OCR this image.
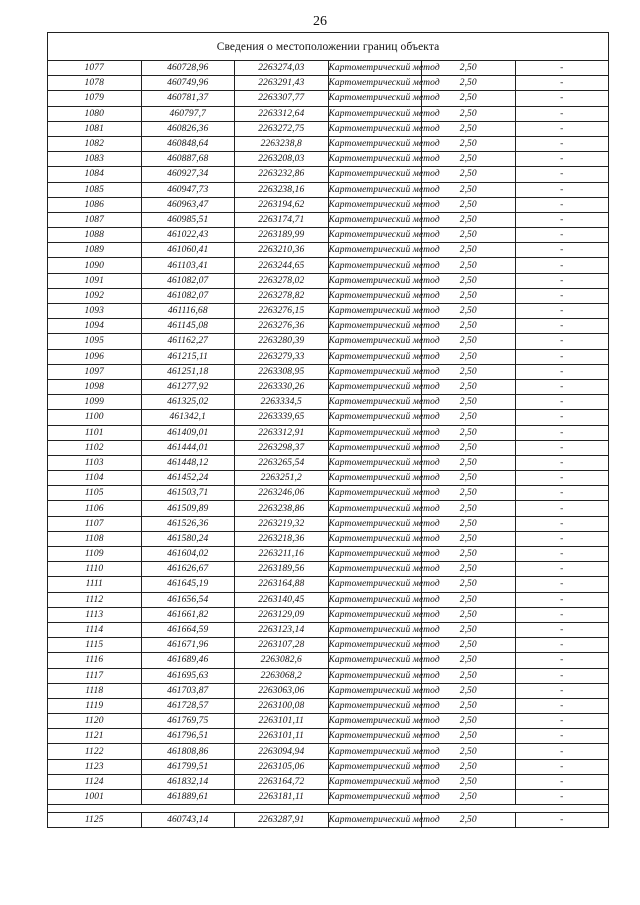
26
Сведения о местоположении границ объекта					
1077	460728,96	2263274,03	Картометрический метод	2,50	-
1078	460749,96	2263291,43	Картометрический метод	2,50	-
1079	460781,37	2263307,77	Картометрический метод	2,50	-
1080	460797,7	2263312,64	Картометрический метод	2,50	-
1081	460826,36	2263272,75	Картометрический метод	2,50	-
1082	460848,64	2263238,8	Картометрический метод	2,50	-
1083	460887,68	2263208,03	Картометрический метод	2,50	-
1084	460927,34	2263232,86	Картометрический метод	2,50	-
1085	460947,73	2263238,16	Картометрический метод	2,50	-
1086	460963,47	2263194,62	Картометрический метод	2,50	-
1087	460985,51	2263174,71	Картометрический метод	2,50	-
1088	461022,43	2263189,99	Картометрический метод	2,50	-
1089	461060,41	2263210,36	Картометрический метод	2,50	-
1090	461103,41	2263244,65	Картометрический метод	2,50	-
1091	461082,07	2263278,02	Картометрический метод	2,50	-
1092	461082,07	2263278,82	Картометрический метод	2,50	-
1093	461116,68	2263276,15	Картометрический метод	2,50	-
1094	461145,08	2263276,36	Картометрический метод	2,50	-
1095	461162,27	2263280,39	Картометрический метод	2,50	-
1096	461215,11	2263279,33	Картометрический метод	2,50	-
1097	461251,18	2263308,95	Картометрический метод	2,50	-
1098	461277,92	2263330,26	Картометрический метод	2,50	-
1099	461325,02	2263334,5	Картометрический метод	2,50	-
1100	461342,1	2263339,65	Картометрический метод	2,50	-
1101	461409,01	2263312,91	Картометрический метод	2,50	-
1102	461444,01	2263298,37	Картометрический метод	2,50	-
1103	461448,12	2263265,54	Картометрический метод	2,50	-
1104	461452,24	2263251,2	Картометрический метод	2,50	-
1105	461503,71	2263246,06	Картометрический метод	2,50	-
1106	461509,89	2263238,86	Картометрический метод	2,50	-
1107	461526,36	2263219,32	Картометрический метод	2,50	-
1108	461580,24	2263218,36	Картометрический метод	2,50	-
1109	461604,02	2263211,16	Картометрический метод	2,50	-
1110	461626,67	2263189,56	Картометрический метод	2,50	-
1111	461645,19	2263164,88	Картометрический метод	2,50	-
1112	461656,54	2263140,45	Картометрический метод	2,50	-
1113	461661,82	2263129,09	Картометрический метод	2,50	-
1114	461664,59	2263123,14	Картометрический метод	2,50	-
1115	461671,96	2263107,28	Картометрический метод	2,50	-
1116	461689,46	2263082,6	Картометрический метод	2,50	-
1117	461695,63	2263068,2	Картометрический метод	2,50	-
1118	461703,87	2263063,06	Картометрический метод	2,50	-
1119	461728,57	2263100,08	Картометрический метод	2,50	-
1120	461769,75	2263101,11	Картометрический метод	2,50	-
1121	461796,51	2263101,11	Картометрический метод	2,50	-
1122	461808,86	2263094,94	Картометрический метод	2,50	-
1123	461799,51	2263105,06	Картометрический метод	2,50	-
1124	461832,14	2263164,72	Картометрический метод	2,50	-
1001	461889,61	2263181,11	Картометрический метод	2,50	-

1125	460743,14	2263287,91	Картометрический метод	2,50	-
